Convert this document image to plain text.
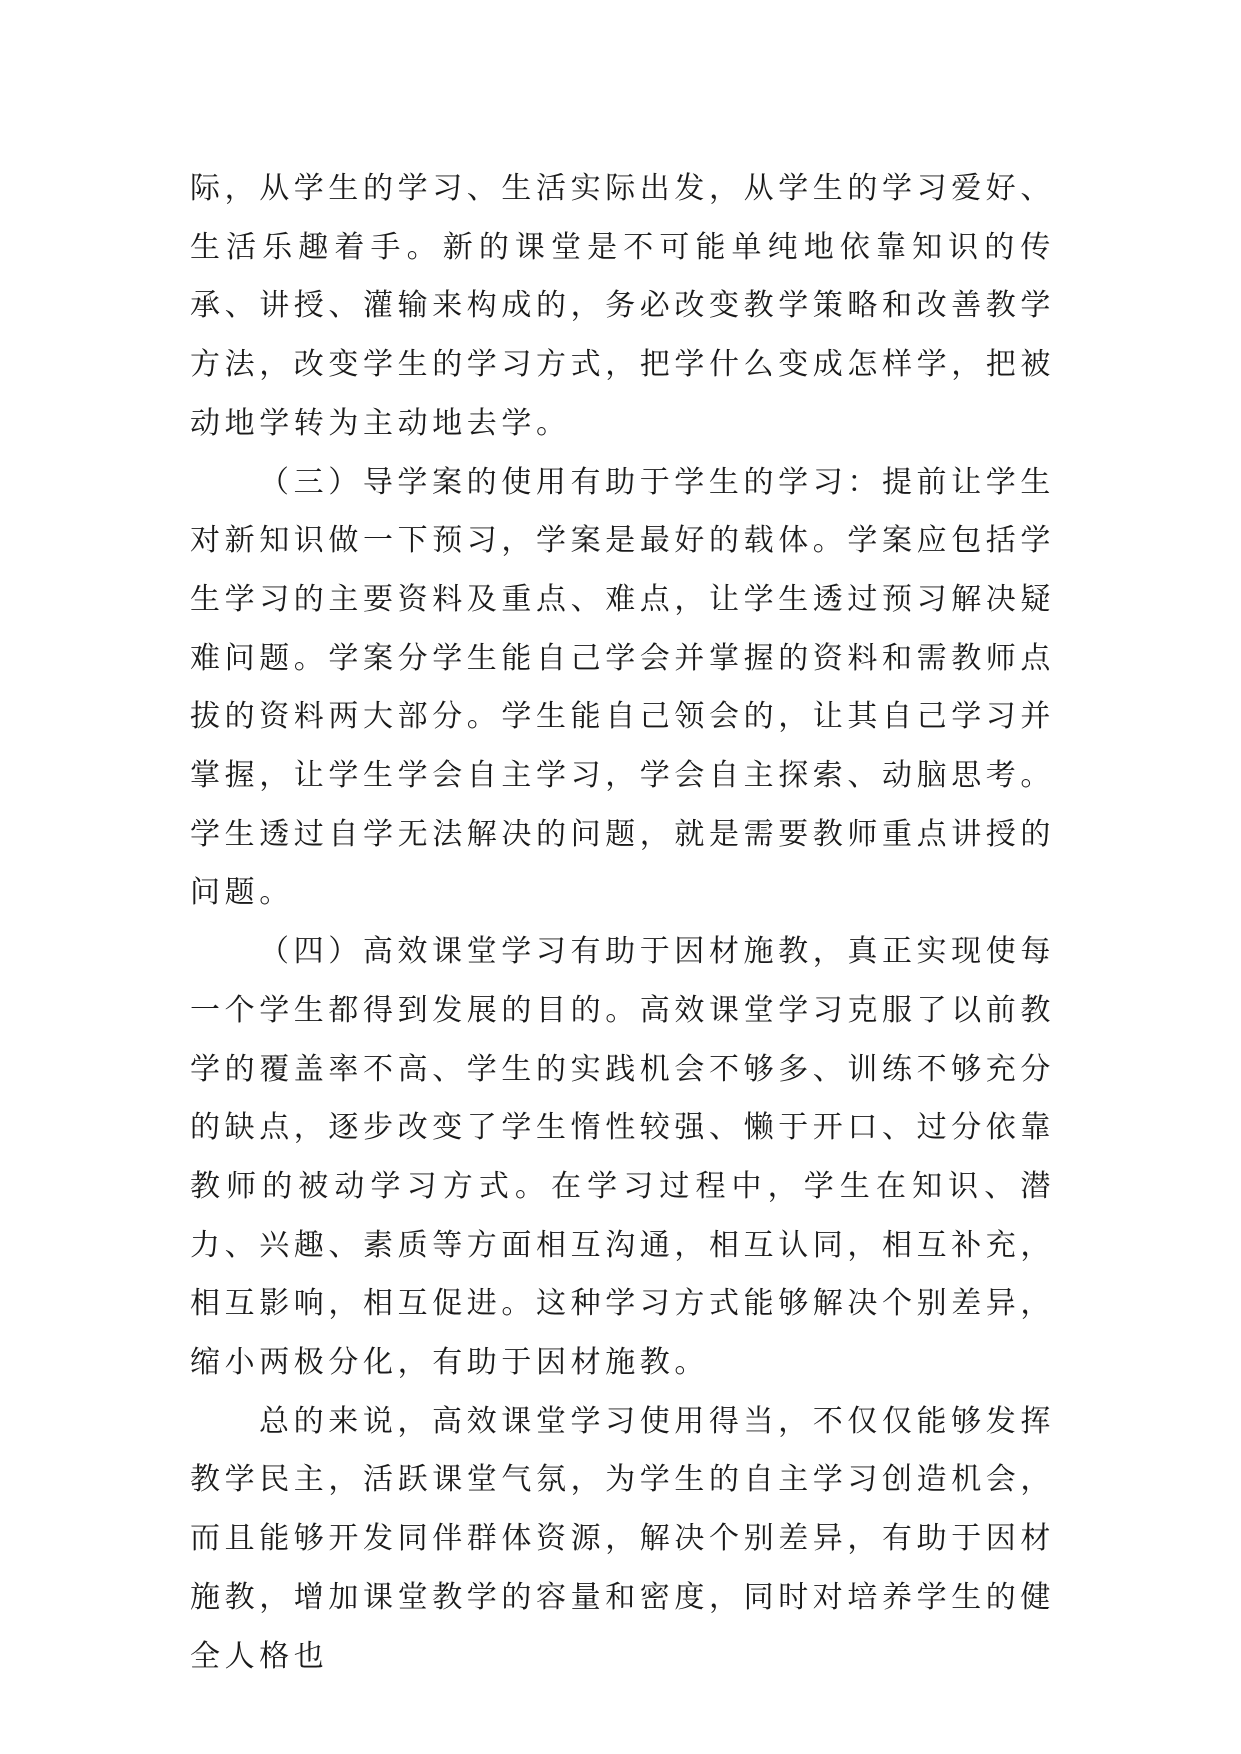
际，从学生的学习、生活实际出发，从学生的学习爱好、生活乐趣着手。新的课堂是不可能单纯地依靠知识的传承、讲授、灌输来构成的，务必改变教学策略和改善教学方法，改变学生的学习方式，把学什么变成怎样学，把被动地学转为主动地去学。

（三）导学案的使用有助于学生的学习：提前让学生对新知识做一下预习，学案是最好的载体。学案应包括学生学习的主要资料及重点、难点，让学生透过预习解决疑难问题。学案分学生能自己学会并掌握的资料和需教师点拔的资料两大部分。学生能自己领会的，让其自己学习并掌握，让学生学会自主学习，学会自主探索、动脑思考。学生透过自学无法解决的问题，就是需要教师重点讲授的问题。

（四）高效课堂学习有助于因材施教，真正实现使每一个学生都得到发展的目的。高效课堂学习克服了以前教学的覆盖率不高、学生的实践机会不够多、训练不够充分的缺点，逐步改变了学生惰性较强、懒于开口、过分依靠教师的被动学习方式。在学习过程中，学生在知识、潜力、兴趣、素质等方面相互沟通，相互认同，相互补充，相互影响，相互促进。这种学习方式能够解决个别差异，缩小两极分化，有助于因材施教。

总的来说，高效课堂学习使用得当，不仅仅能够发挥教学民主，活跃课堂气氛，为学生的自主学习创造机会，而且能够开发同伴群体资源，解决个别差异，有助于因材施教，增加课堂教学的容量和密度，同时对培养学生的健全人格也
